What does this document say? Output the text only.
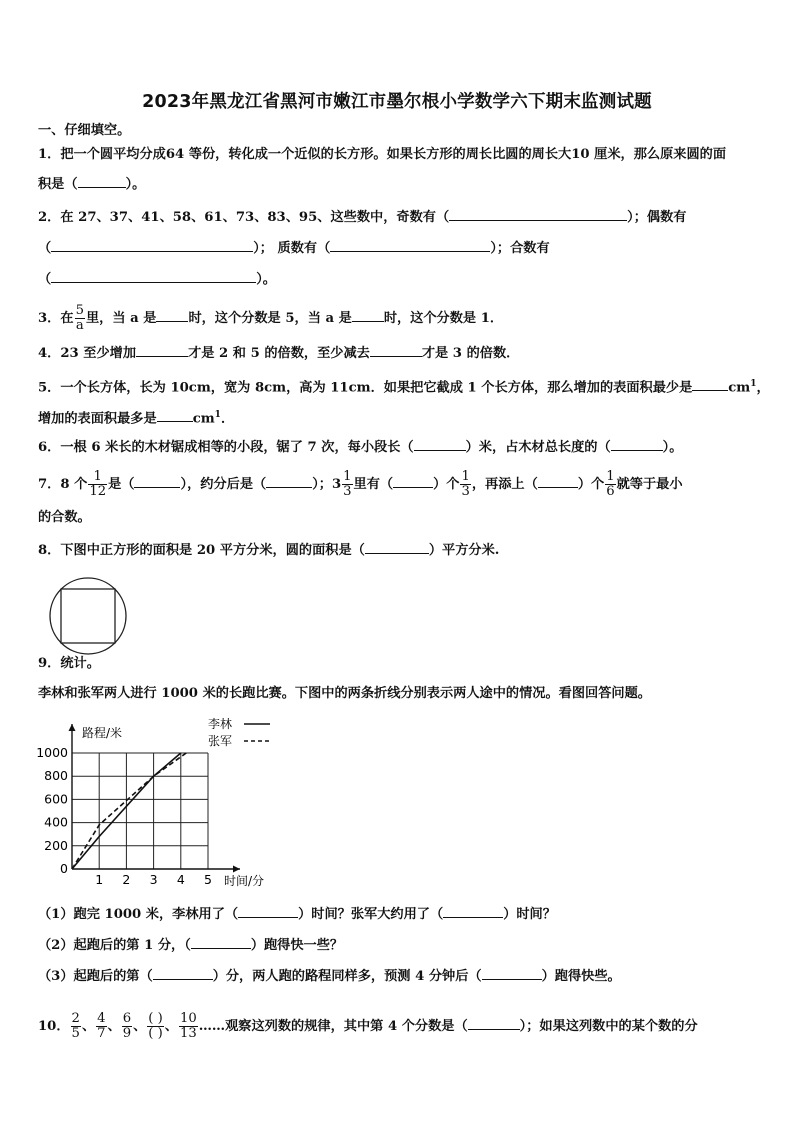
2023年黑龙江省黑河市嫩江市墨尔根小学数学六下期末监测试题
一、仔细填空。
1．把一个圆平均分成64 等份，转化成一个近似的长方形。如果长方形的周长比圆的周长大10 厘米，那么原来圆的面
积是（	）。
2．在 27、37、41、58、61、73、83、95、这些数中，奇数有（	）；偶数有
（	）； 质数有（	）；合数有
（	）。
3．在 $\frac{5}{a}$ 里，当 a 是 时，这个分数是 5，当 a 是 时，这个分数是 1．
4．23 至少增加	才是 2 和 5 的倍数，至少减去	才是 3 的倍数．
5．一个长方体，长为 10cm，宽为 8cm，高为 11cm．如果把它截成 1 个长方体，那么增加的表面积最少是	$cm^1$，
增加的表面积最多是	$cm^1$．
6．一根 6 米长的木材锯成相等的小段，锯了 7 次，每小段长（	）米，占木材总长度的（	）。
7．8 个 $\frac{1}{12}$ 是（	），约分后是（	）；$3 \frac{1}{3}$ 里有（	）个 $\frac{1}{3}$ ，再添上（	）个 $\frac{1}{6}$ 就等于最小
的合数。
8．下图中正方形的面积是 20 平方分米，圆的面积是（	）平方分米.
9．统计。
李林和张军两人进行 1000 米的长跑比赛。下图中的两条折线分别表示两人途中的情况。看图回答问题。
路程/米
时间/分
李林
张军
0
200
400
600
800
1000
1 2 3 4 5
（1）跑完 1000 米，李林用了（	）时间？张军大约用了（	）时间？
（2）起跑后的第 1 分，（	）跑得快一些？
（3）起跑后的第（	）分，两人跑的路程同样多，预测 4 分钟后（	）跑得快些。
10． $\frac{2}{5}$ 、 $\frac{4}{7}$ 、 $\frac{6}{9}$ 、 $\frac{( )}{( )}$ 、 $\frac{10}{13}$ ……观察这列数的规律，其中第 4 个分数是（	）；如果这列数中的某个数的分
